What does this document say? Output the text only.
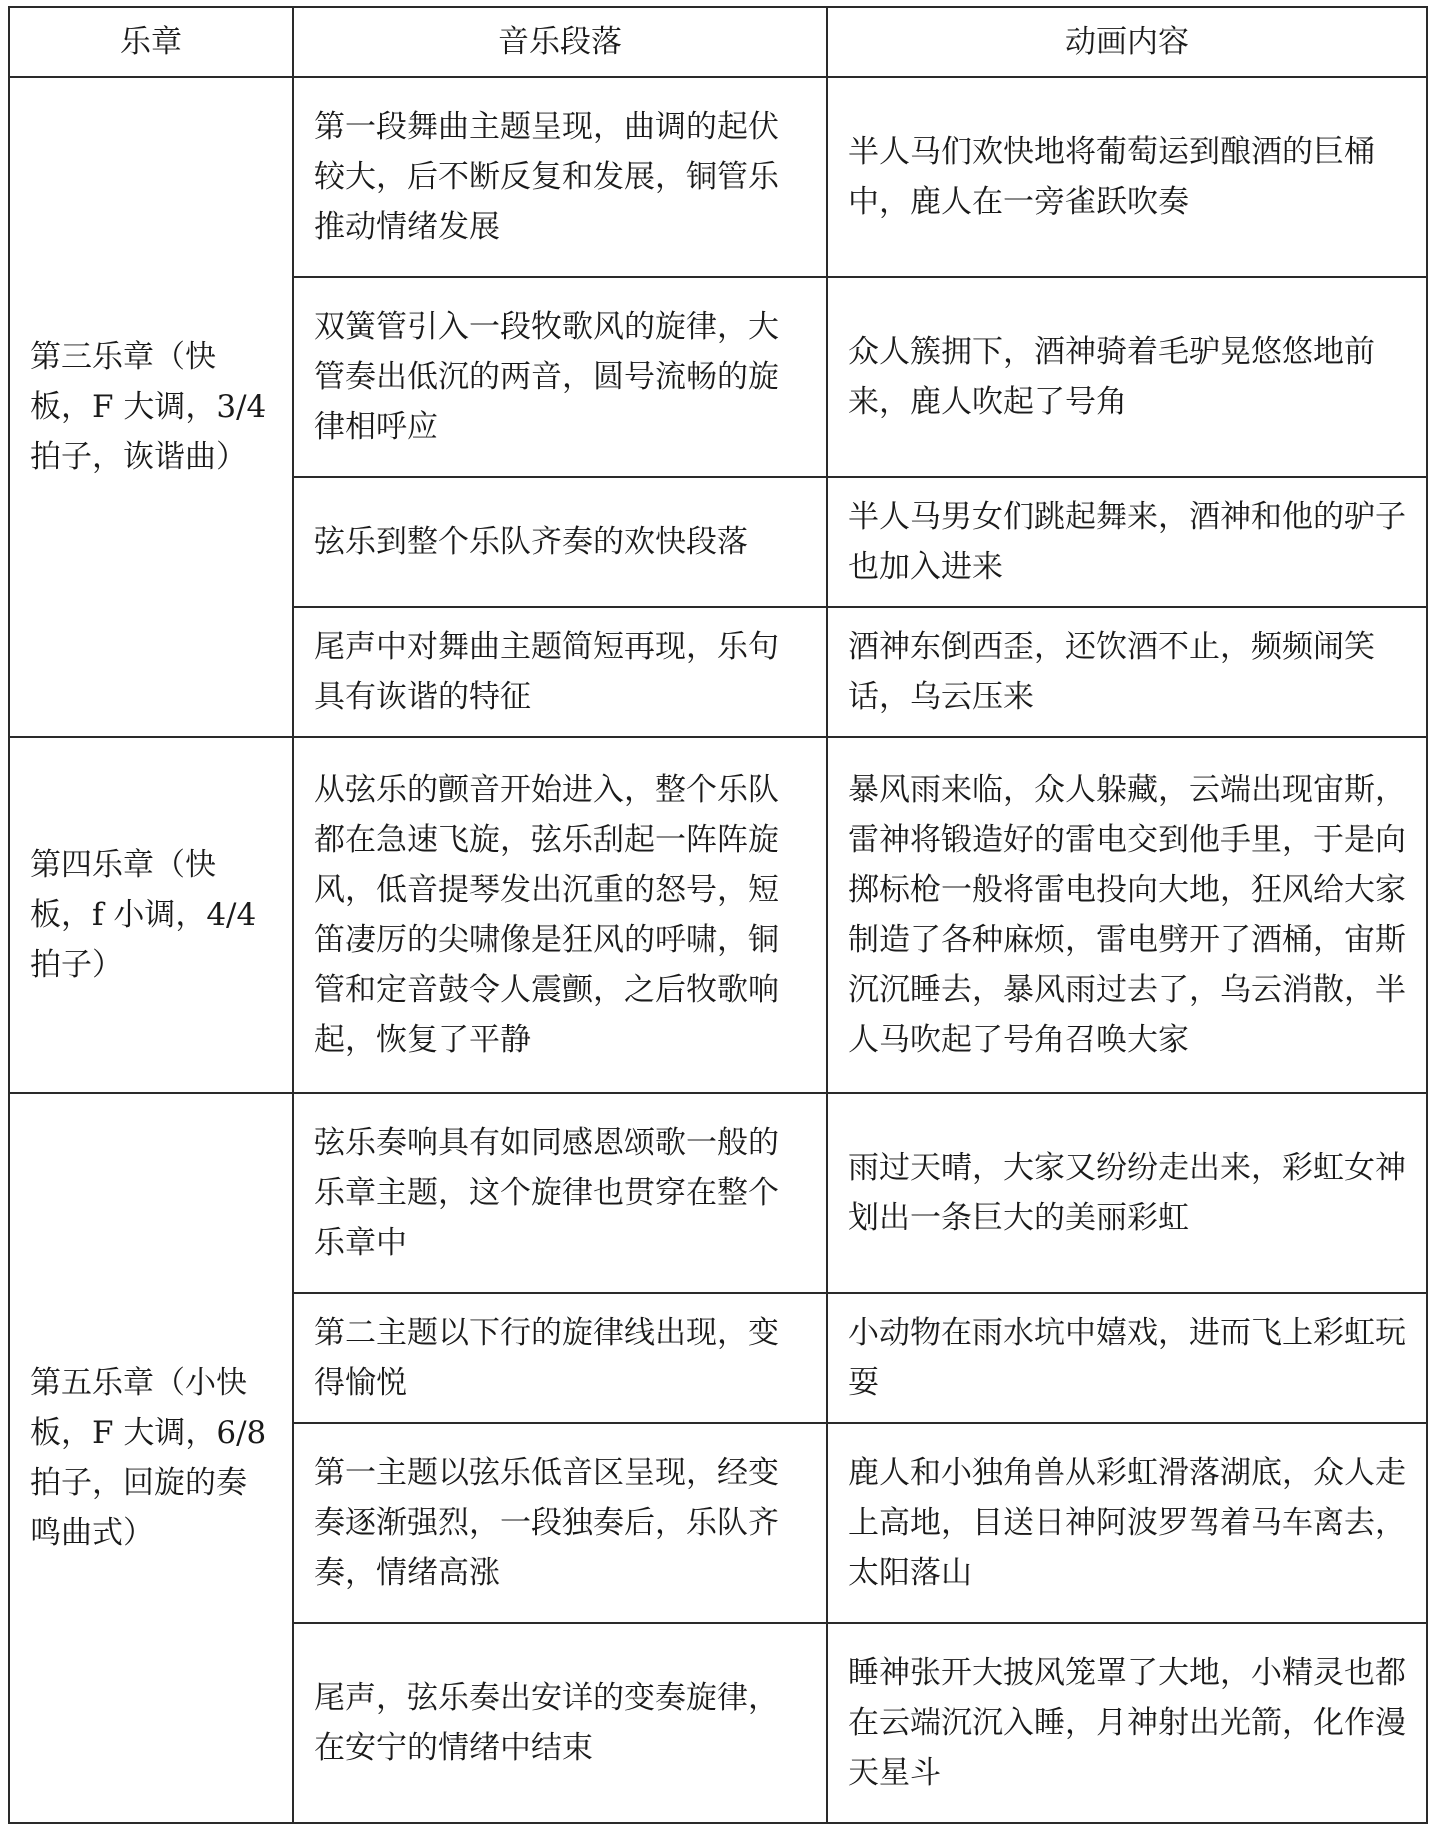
乐章	音乐段落	动画内容
第三乐章（快板，F 大调，3/4 拍子，诙谐曲）	第一段舞曲主题呈现，曲调的起伏较大，后不断反复和发展，铜管乐推动情绪发展	半人马们欢快地将葡萄运到酿酒的巨桶中，鹿人在一旁雀跃吹奏
	双簧管引入一段牧歌风的旋律，大管奏出低沉的两音，圆号流畅的旋律相呼应	众人簇拥下，酒神骑着毛驴晃悠悠地前来，鹿人吹起了号角
	弦乐到整个乐队齐奏的欢快段落	半人马男女们跳起舞来，酒神和他的驴子也加入进来
	尾声中对舞曲主题简短再现，乐句具有诙谐的特征	酒神东倒西歪，还饮酒不止，频频闹笑话，乌云压来
第四乐章（快板，f 小调，4/4 拍子）	从弦乐的颤音开始进入，整个乐队都在急速飞旋，弦乐刮起一阵阵旋风，低音提琴发出沉重的怒号，短笛凄厉的尖啸像是狂风的呼啸，铜管和定音鼓令人震颤，之后牧歌响起，恢复了平静	暴风雨来临，众人躲藏，云端出现宙斯，雷神将锻造好的雷电交到他手里，于是向掷标枪一般将雷电投向大地，狂风给大家制造了各种麻烦，雷电劈开了酒桶，宙斯沉沉睡去，暴风雨过去了，乌云消散，半人马吹起了号角召唤大家
第五乐章（小快板，F 大调，6/8 拍子，回旋的奏鸣曲式）	弦乐奏响具有如同感恩颂歌一般的乐章主题，这个旋律也贯穿在整个乐章中	雨过天晴，大家又纷纷走出来，彩虹女神划出一条巨大的美丽彩虹
	第二主题以下行的旋律线出现，变得愉悦	小动物在雨水坑中嬉戏，进而飞上彩虹玩耍
	第一主题以弦乐低音区呈现，经变奏逐渐强烈，一段独奏后，乐队齐奏，情绪高涨	鹿人和小独角兽从彩虹滑落湖底，众人走上高地，目送日神阿波罗驾着马车离去，太阳落山
	尾声，弦乐奏出安详的变奏旋律，在安宁的情绪中结束	睡神张开大披风笼罩了大地，小精灵也都在云端沉沉入睡，月神射出光箭，化作漫天星斗
